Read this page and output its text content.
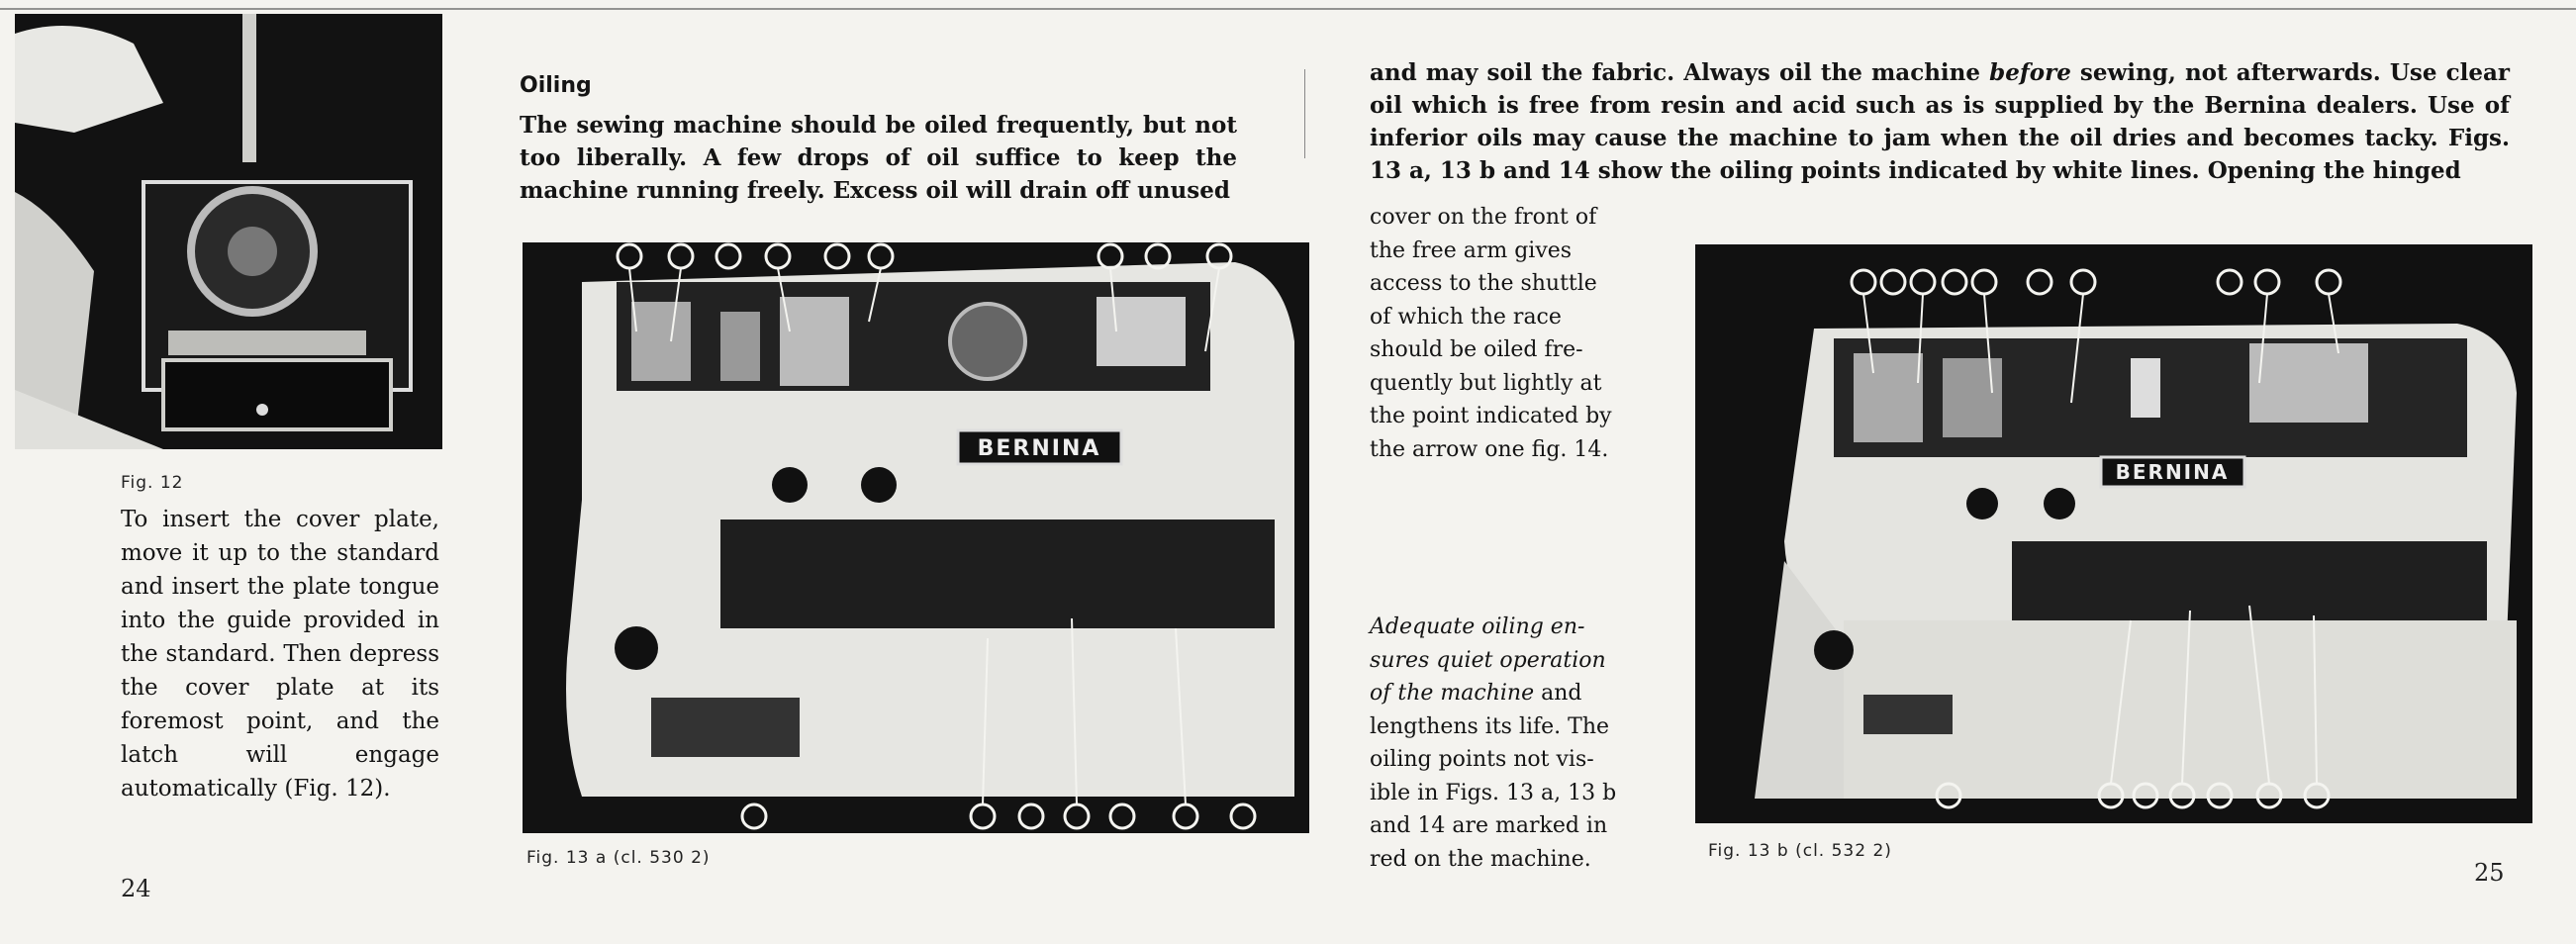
Fig. 12
To insert the cover plate, move it up to the standard and insert the plate tongue into the guide provided in the standard. Then depress the cover plate at its foremost point, and the latch will engage automatically (Fig. 12).
24
Oiling
The sewing machine should be oiled frequently, but not too liberally. A few drops of oil suffice to keep the machine running freely. Excess oil will drain off unused
BERNINA
Fig. 13 a (cl. 530 2)
and may soil the fabric. Always oil the machine before sewing, not afterwards. Use clear oil which is free from resin and acid such as is supplied by the Bernina dealers. Use of inferior oils may cause the machine to jam when the oil dries and becomes tacky. Figs. 13 a, 13 b and 14 show the oiling points indicated by white lines. Opening the hinged
cover on the front of
the free arm gives
access to the shuttle
of which the race
should be oiled fre-
quently but lightly at
the point indicated by
the arrow one fig. 14.
Adequate oiling en-
sures quiet operation
of the machine and
lengthens its life. The
oiling points not vis-
ible in Figs. 13 a, 13 b
and 14 are marked in
red on the machine.
BERNINA
Fig. 13 b (cl. 532 2)
25
